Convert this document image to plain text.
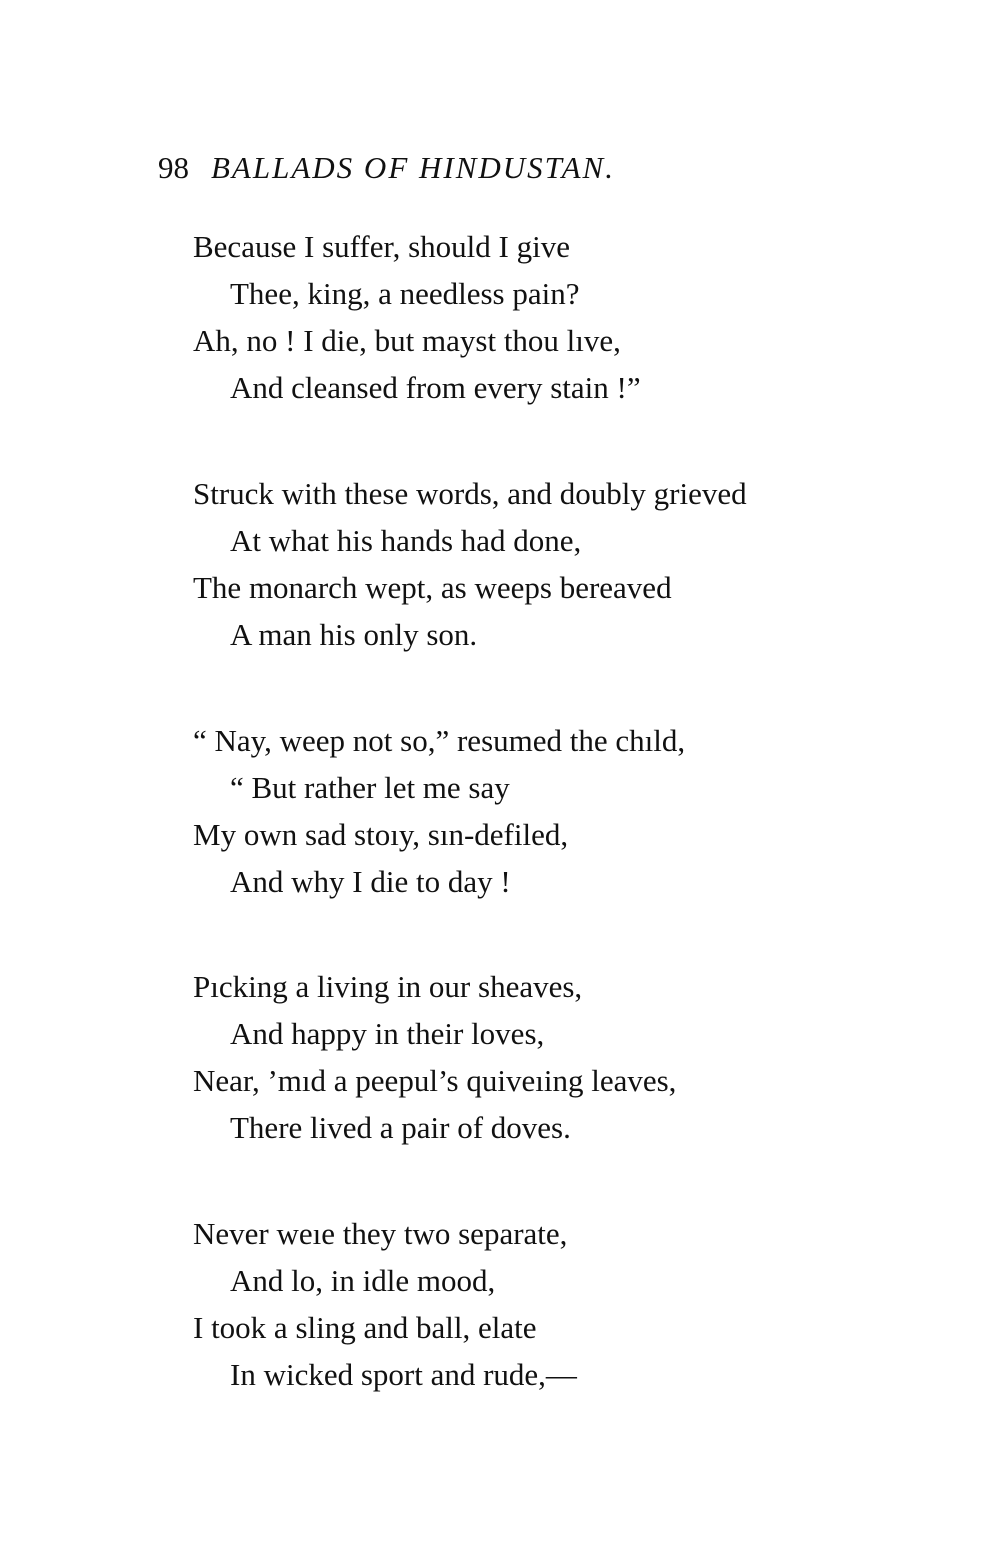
98 BALLADS OF HINDUSTAN.
Because I suffer, should I give
Thee, king, a needless pain?
Ah, no ! I die, but mayst thou lıve,
And cleansed from every stain !”
Struck with these words, and doubly grieved
At what his hands had done,
The monarch wept, as weeps bereaved
A man his only son.
“ Nay, weep not so,” resumed the chıld,
“ But rather let me say
My own sad stoıy, sın-defiled,
And why I die to day !
Pıcking a living in our sheaves,
And happy in their loves,
Near, ’mıd a peepul’s quiveıing leaves,
There lived a pair of doves.
Never weıe they two separate,
And lo, in idle mood,
I took a sling and ball, elate
In wicked sport and rude,—
